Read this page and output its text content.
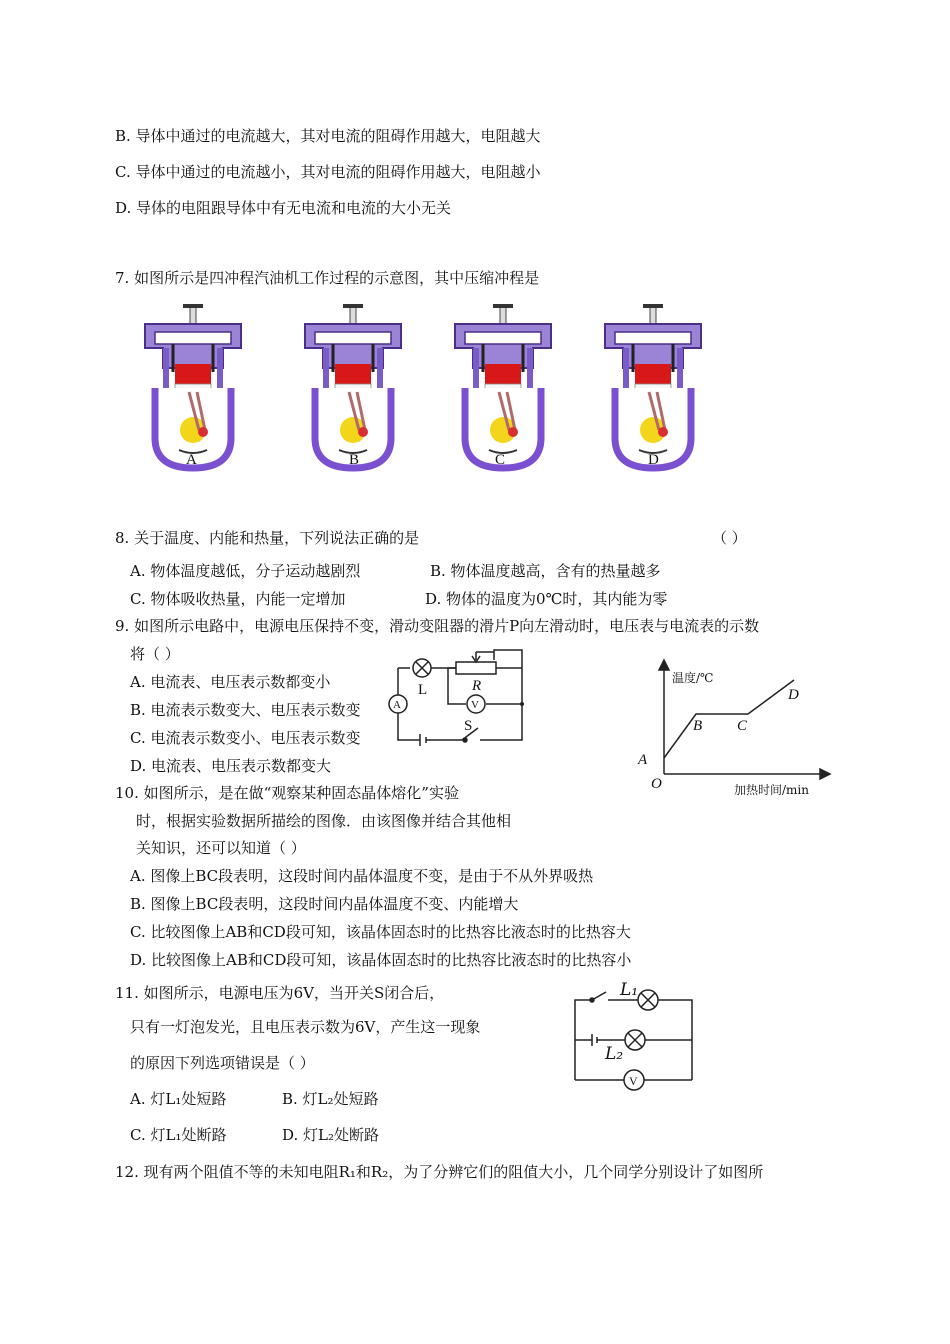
B. 导体中通过的电流越大，其对电流的阻碍作用越大，电阻越大
C. 导体中通过的电流越小，其对电流的阻碍作用越大，电阻越小
D. 导体的电阻跟导体中有无电流和电流的大小无关
7. 如图所示是四冲程汽油机工作过程的示意图，其中压缩冲程是
A	B	C	D
8. 关于温度、内能和热量，下列说法正确的是	（ ）
A. 物体温度越低，分子运动越剧烈	B. 物体温度越高，含有的热量越多
C. 物体吸收热量，内能一定增加	D. 物体的温度为0℃时，其内能为零
9. 如图所示电路中，电源电压保持不变，滑动变阻器的滑片P向左滑动时，电压表与电流表的示数
将（ ）
A. 电流表、电压表示数都变小
B. 电流表示数变大、电压表示数变
C. 电流表示数变小、电压表示数变
D. 电流表、电压表示数都变大
A	V
L	R
S
温度/℃
加热时间/min
O
A
B C
D
10. 如图所示，是在做“观察某种固态晶体熔化”实验
时，根据实验数据所描绘的图像．由该图像并结合其他相
关知识，还可以知道（ ）
A. 图像上BC段表明，这段时间内晶体温度不变，是由于不从外界吸热
B. 图像上BC段表明，这段时间内晶体温度不变、内能增大
C. 比较图像上AB和CD段可知，该晶体固态时的比热容比液态时的比热容大
D. 比较图像上AB和CD段可知，该晶体固态时的比热容比液态时的比热容小
11. 如图所示，电源电压为6V，当开关S闭合后，
只有一灯泡发光，且电压表示数为6V，产生这一现象
的原因下列选项错误是（ ）
A. 灯L₁处短路	B. 灯L₂处短路
C. 灯L₁处断路	D. 灯L₂处断路
L₁
L₂
V
12. 现有两个阻值不等的未知电阻R₁和R₂，为了分辨它们的阻值大小，几个同学分别设计了如图所
